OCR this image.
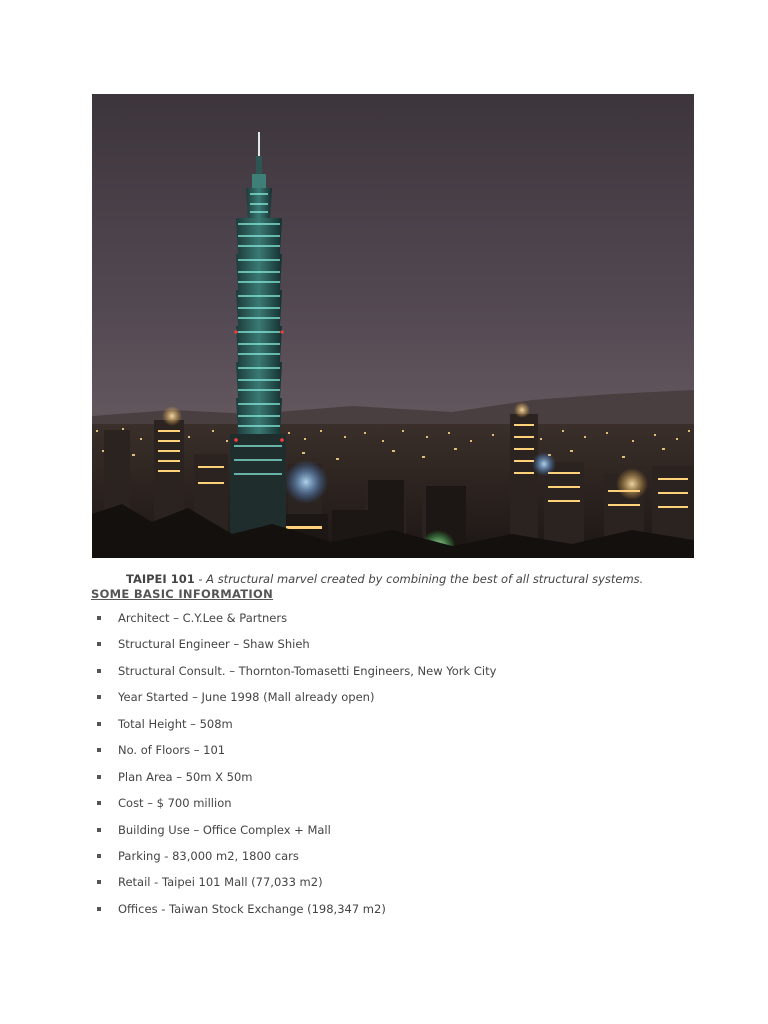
TAIPEI 101 - A structural marvel created by combining the best of all structural systems.
SOME BASIC INFORMATION
Architect – C.Y.Lee & Partners
Structural Engineer – Shaw Shieh
Structural Consult. – Thornton-Tomasetti Engineers, New York City
Year Started – June 1998 (Mall already open)
Total Height – 508m
No. of Floors – 101
Plan Area – 50m X 50m
Cost – $ 700 million
Building Use – Office Complex + Mall
Parking - 83,000 m2, 1800 cars
Retail - Taipei 101 Mall (77,033 m2)
Offices - Taiwan Stock Exchange (198,347 m2)
